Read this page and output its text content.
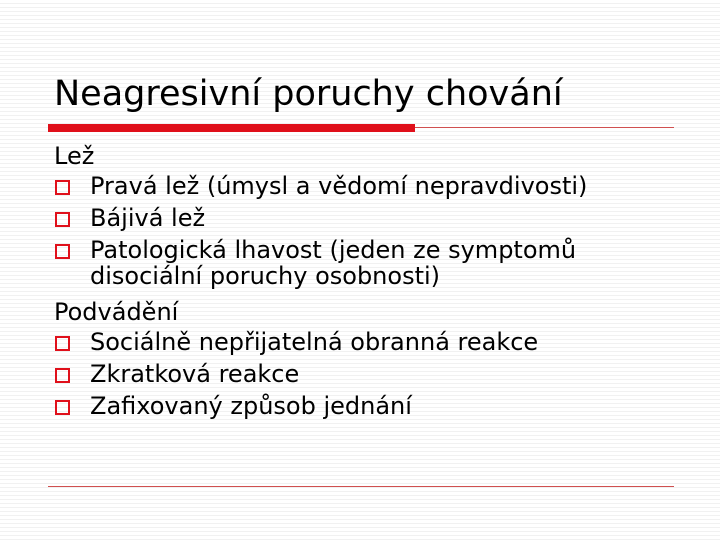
Neagresivní poruchy chování
Lež
Pravá lež (úmysl a vědomí nepravdivosti)
Bájivá lež
Patologická lhavost (jeden ze symptomů disociální poruchy osobnosti)
Podvádění
Sociálně nepřijatelná obranná reakce
Zkratková reakce
Zafixovaný způsob jednání
